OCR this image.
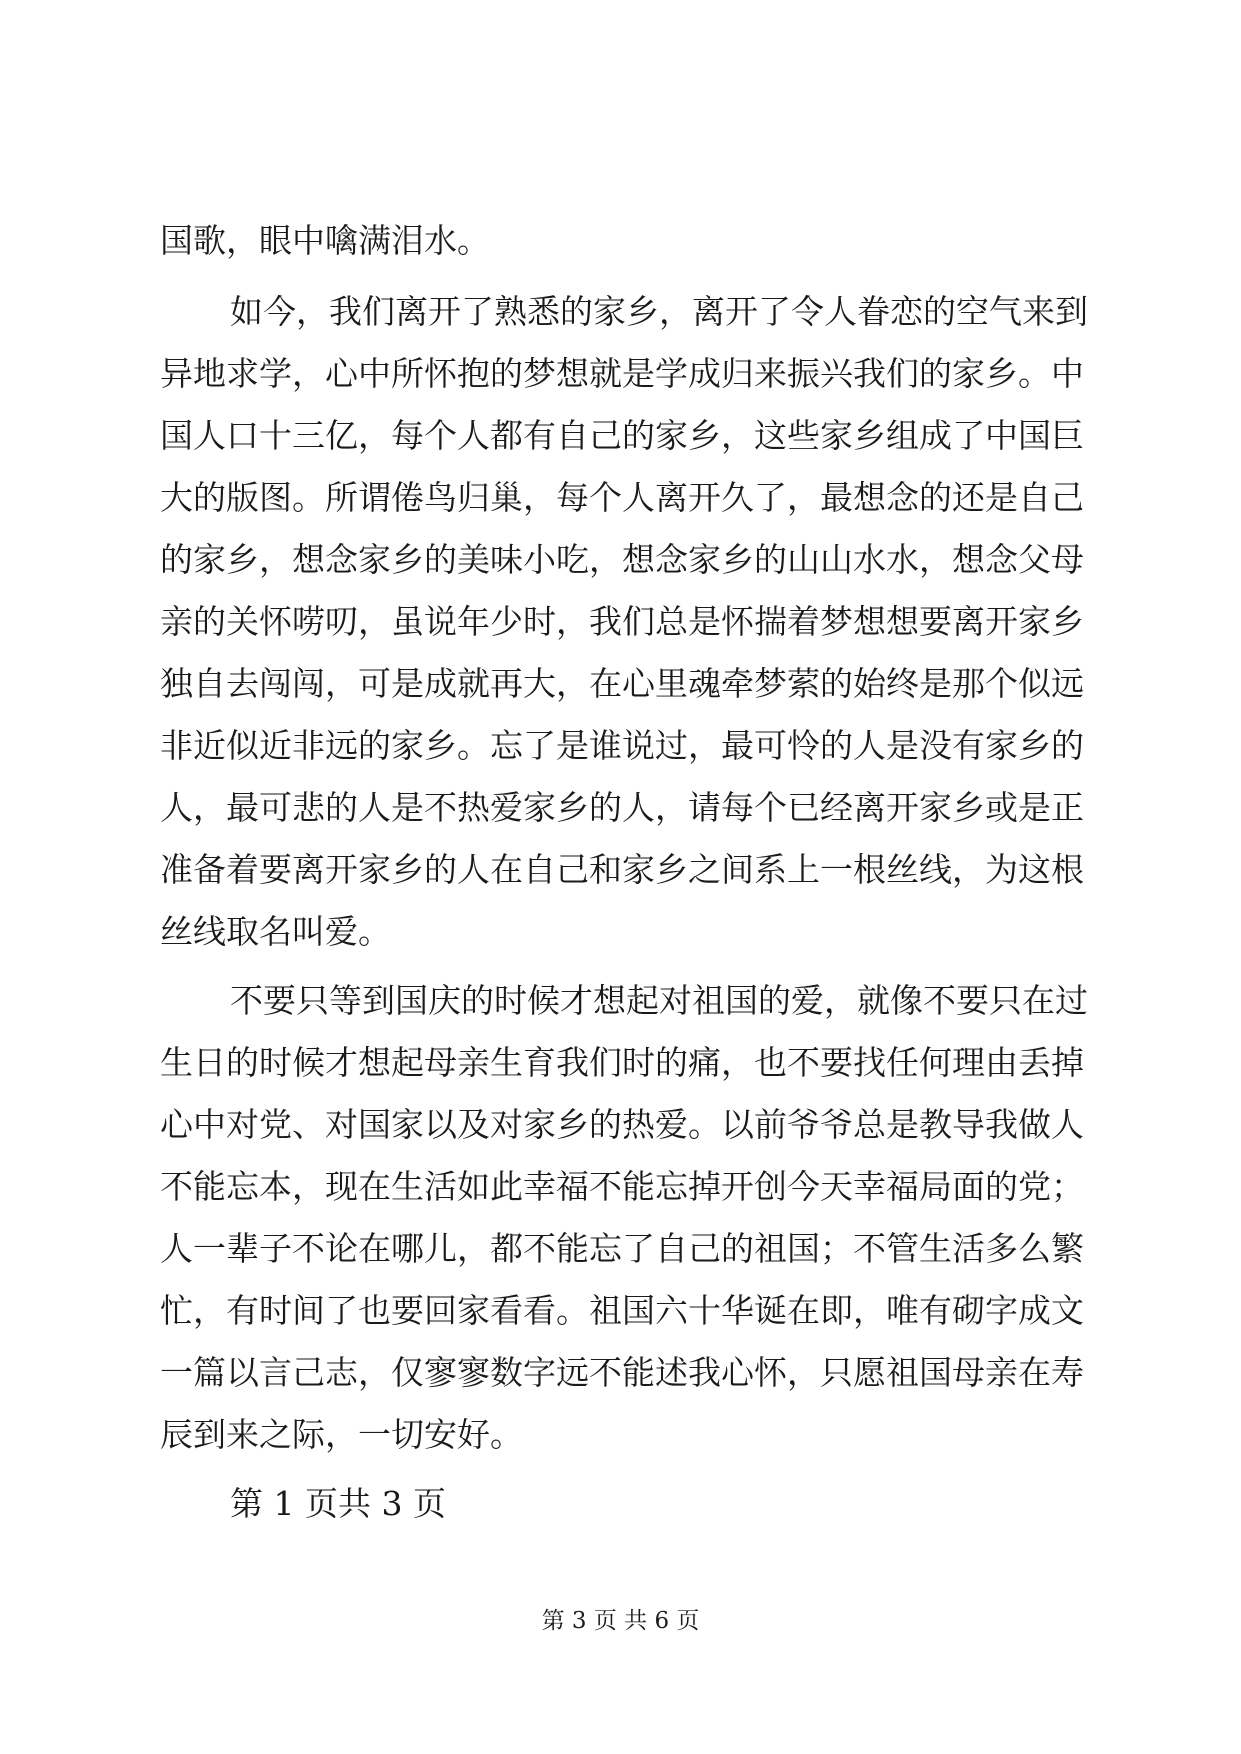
国歌，眼中噙满泪水。
如今，我们离开了熟悉的家乡，离开了令人眷恋的空气来到
异地求学，心中所怀抱的梦想就是学成归来振兴我们的家乡。中
国人口十三亿，每个人都有自己的家乡，这些家乡组成了中国巨
大的版图。所谓倦鸟归巢，每个人离开久了，最想念的还是自己
的家乡，想念家乡的美味小吃，想念家乡的山山水水，想念父母
亲的关怀唠叨，虽说年少时，我们总是怀揣着梦想想要离开家乡
独自去闯闯，可是成就再大，在心里魂牵梦萦的始终是那个似远
非近似近非远的家乡。忘了是谁说过，最可怜的人是没有家乡的
人，最可悲的人是不热爱家乡的人，请每个已经离开家乡或是正
准备着要离开家乡的人在自己和家乡之间系上一根丝线，为这根
丝线取名叫爱。
不要只等到国庆的时候才想起对祖国的爱，就像不要只在过
生日的时候才想起母亲生育我们时的痛，也不要找任何理由丢掉
心中对党、对国家以及对家乡的热爱。以前爷爷总是教导我做人
不能忘本，现在生活如此幸福不能忘掉开创今天幸福局面的党；
人一辈子不论在哪儿，都不能忘了自己的祖国；不管生活多么繁
忙，有时间了也要回家看看。祖国六十华诞在即，唯有砌字成文
一篇以言己志，仅寥寥数字远不能述我心怀，只愿祖国母亲在寿
辰到来之际，一切安好。
第 1 页共 3 页
第 3 页 共 6 页
